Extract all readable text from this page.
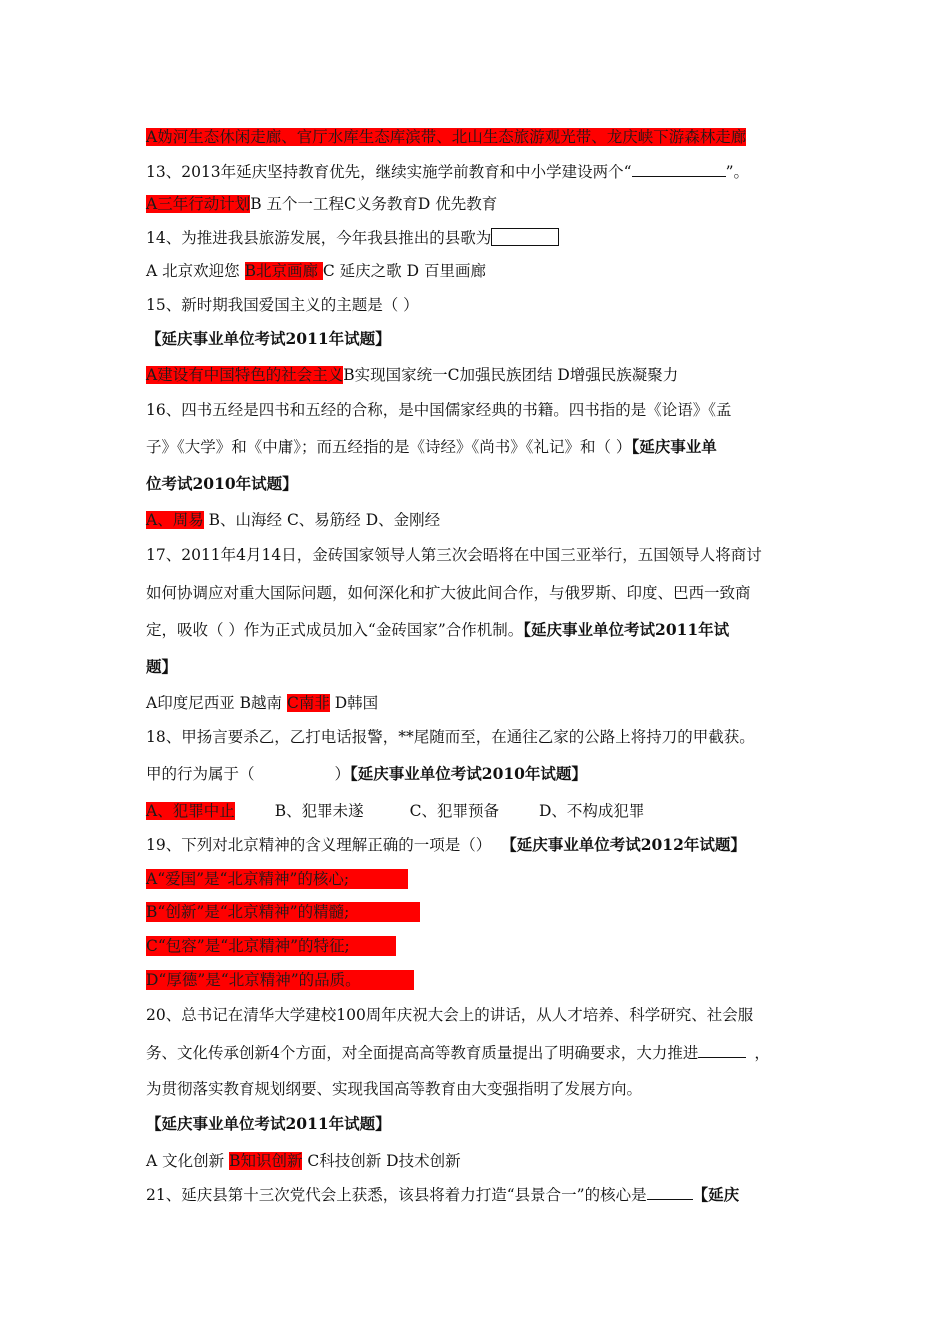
A妫河生态休闲走廊、官厅水库生态库滨带、北山生态旅游观光带、龙庆峡下游森林走廊
13、2013年延庆坚持教育优先，继续实施学前教育和中小学建设两个“	”。
A三年行动计划B 五个一工程C义务教育D 优先教育
14、为推进我县旅游发展，今年我县推出的县歌为
A 北京欢迎您 B北京画廊 C 延庆之歌 D 百里画廊
15、新时期我国爱国主义的主题是（ ）
【延庆事业单位考试2011年试题】
A建设有中国特色的社会主义B实现国家统一C加强民族团结 D增强民族凝聚力
16、四书五经是四书和五经的合称，是中国儒家经典的书籍。四书指的是《论语》《孟
子》《大学》和《中庸》；而五经指的是《诗经》《尚书》《礼记》和（ ）【延庆事业单
位考试2010年试题】
A、周易 B、山海经 C、易筋经 D、金刚经
17、2011年4月14日，金砖国家领导人第三次会晤将在中国三亚举行，五国领导人将商讨
如何协调应对重大国际问题，如何深化和扩大彼此间合作，与俄罗斯、印度、巴西一致商
定，吸收（ ）作为正式成员加入“金砖国家”合作机制。【延庆事业单位考试2011年试
题】
A印度尼西亚 B越南 C南非 D韩国
18、甲扬言要杀乙，乙打电话报警，**尾随而至，在通往乙家的公路上将持刀的甲截获。
甲的行为属于（	）【延庆事业单位考试2010年试题】
A、犯罪中止	B、犯罪未遂	C、犯罪预备	D、不构成犯罪
19、下列对北京精神的含义理解正确的一项是（） 【延庆事业单位考试2012年试题】
A“爱国”是“北京精神”的核心;
B“创新”是“北京精神”的精髓;
C“包容”是“北京精神”的特征;
D“厚德”是“北京精神”的品质。
20、总书记在清华大学建校100周年庆祝大会上的讲话，从人才培养、科学研究、社会服
务、文化传承创新4个方面，对全面提高高等教育质量提出了明确要求，大力推进	，
为贯彻落实教育规划纲要、实现我国高等教育由大变强指明了发展方向。
【延庆事业单位考试2011年试题】
A 文化创新 B知识创新 C科技创新 D技术创新
21、延庆县第十三次党代会上获悉，该县将着力打造“县景合一”的核心是	【延庆
